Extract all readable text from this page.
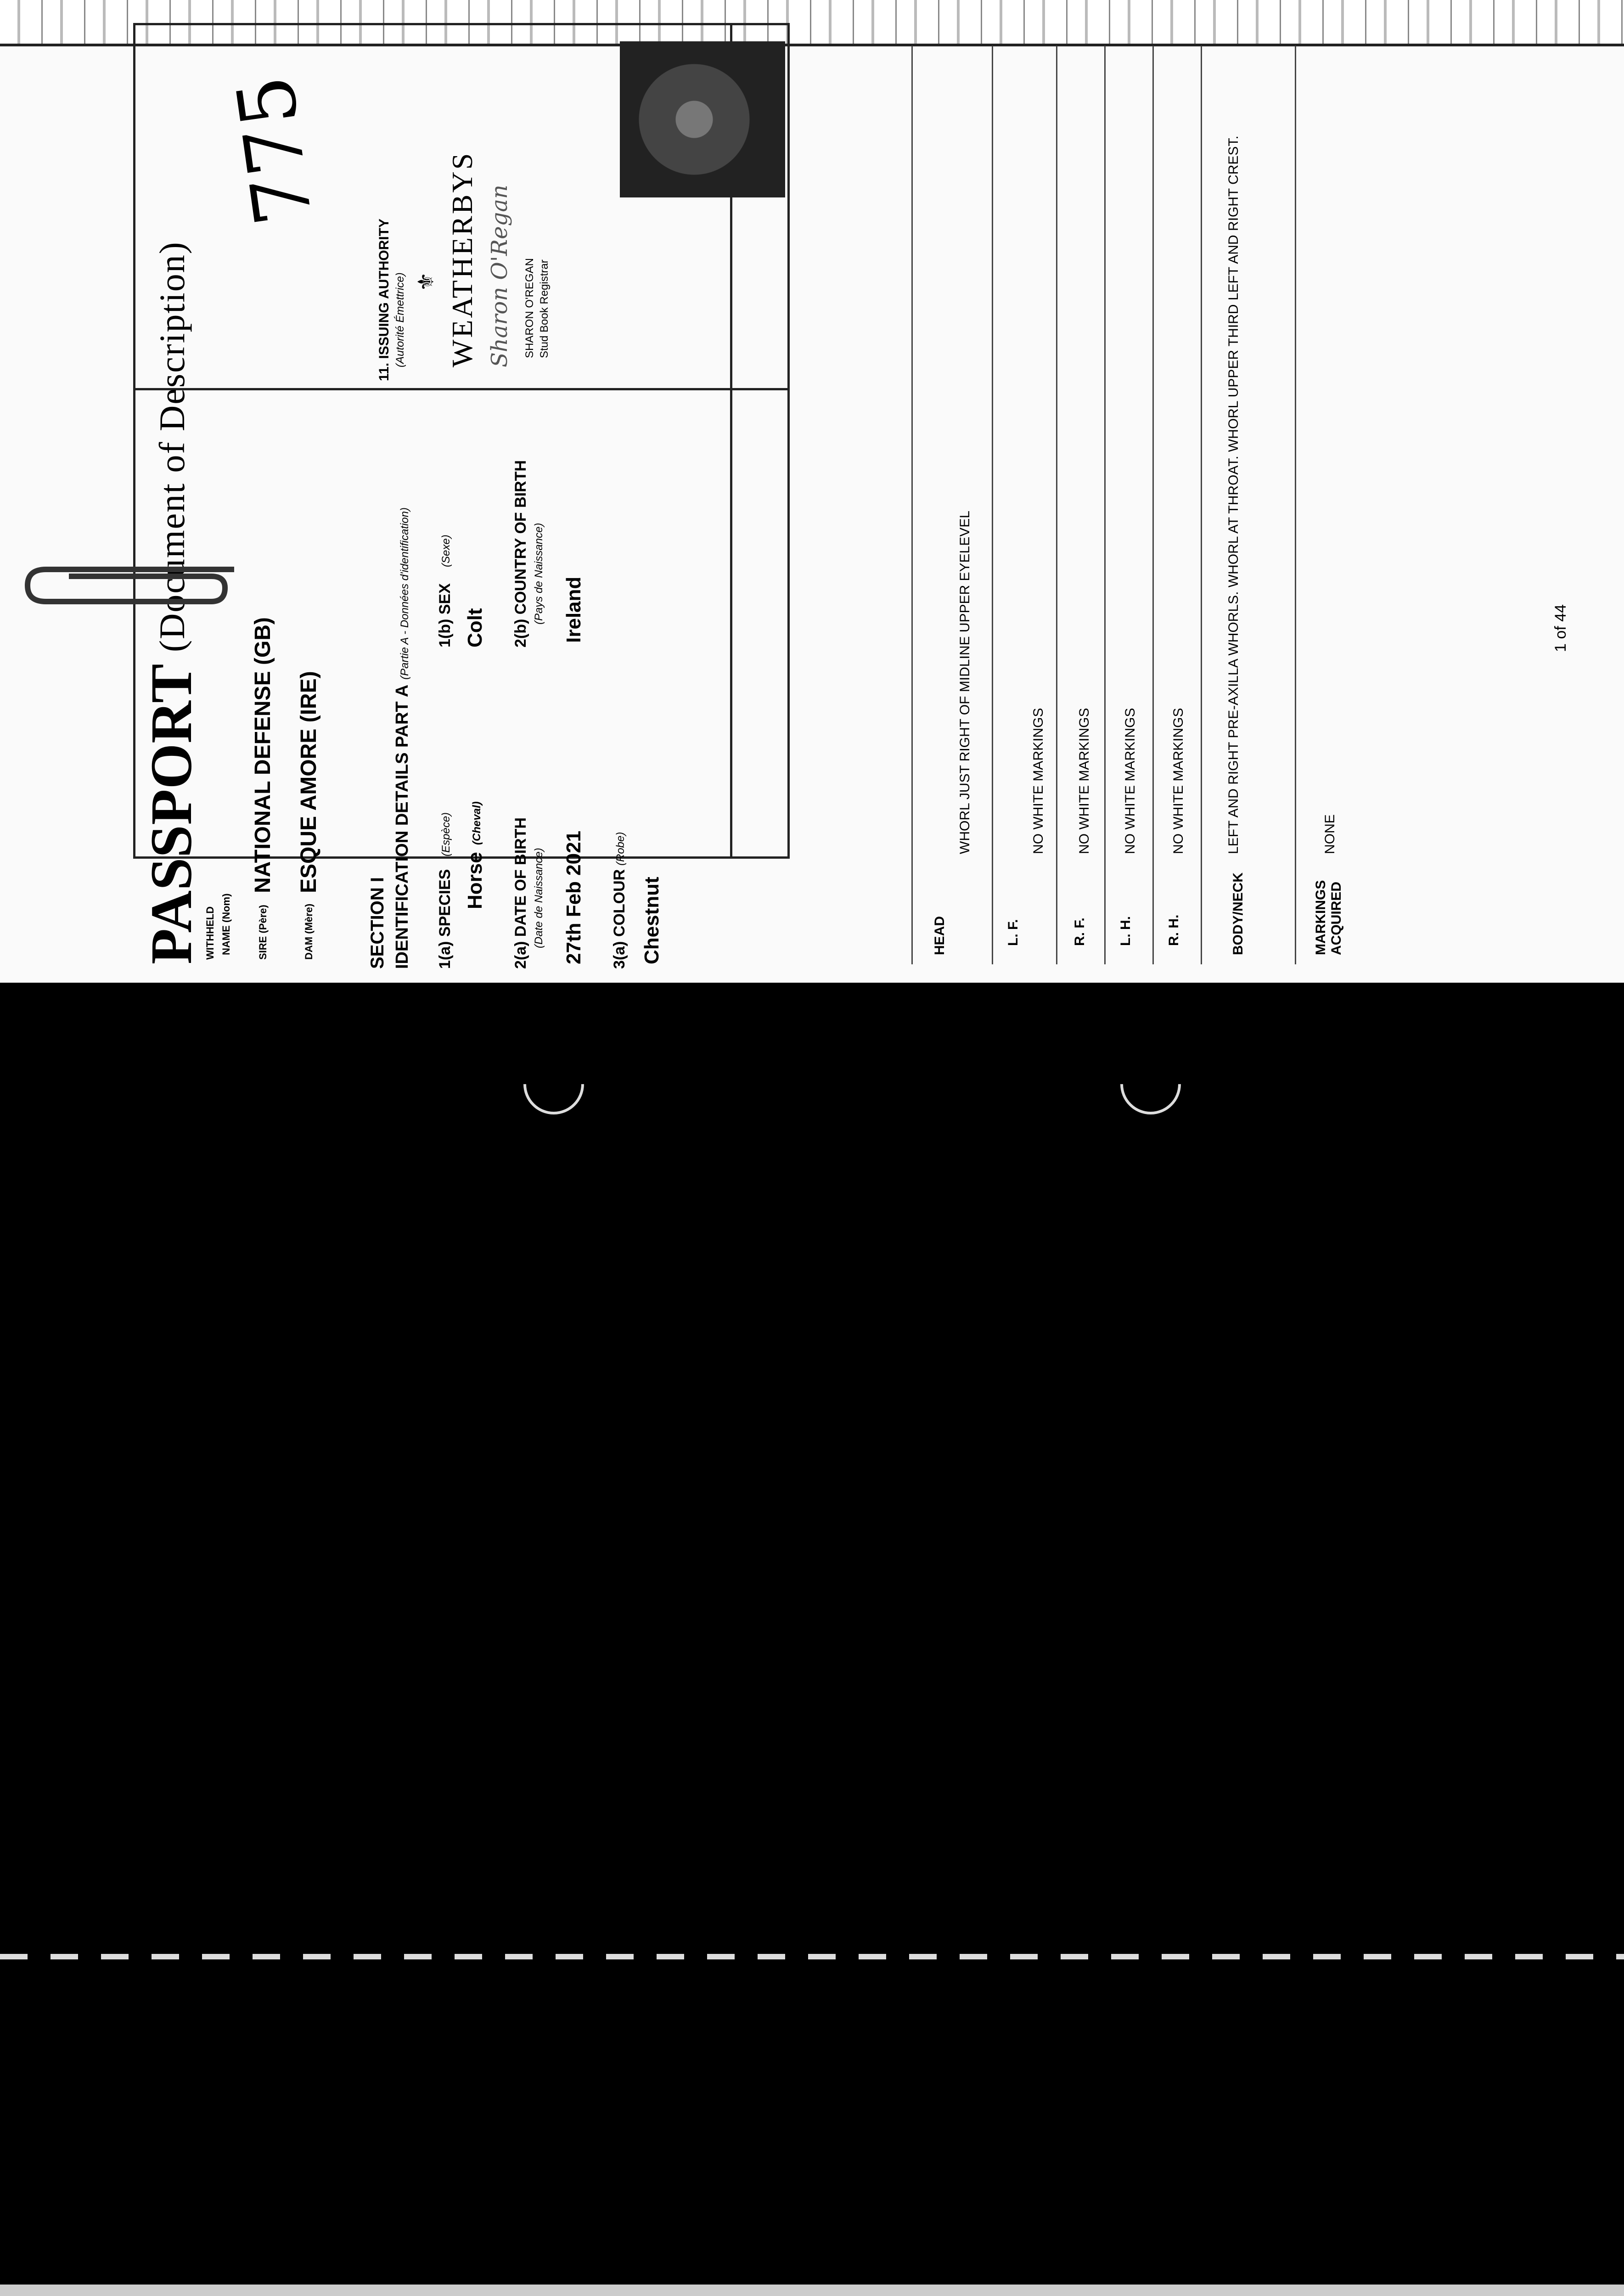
PASSPORT
(Document of Description)
775
WITHHELD NAME (Nom)	SIRE (Père)
NATIONAL DEFENSE (GB)
DAM (Mère)
ESQUE AMORE (IRE)
SECTION I IDENTIFICATION DETAILS PART A
(Partie A - Données d'identification)
1(a) SPECIES
(Espèce)
Horse
(Cheval)
1(b) SEX
(Sexe)
Colt
2(a) DATE OF BIRTH (Date de Naissance) 27th Feb 2021
2(b) COUNTRY OF BIRTH (Pays de Naissance) Ireland
3(a) COLOUR
(Robe)
Chestnut
11. ISSUING AUTHORITY (Autorité Émettrice) ⚜ WEATHERBYS Sharon O'Regan SHARON O'REGAN Stud Book Registrar
HEAD
WHORL JUST RIGHT OF MIDLINE UPPER EYELEVEL
L. F.
NO WHITE MARKINGS
R. F.
NO WHITE MARKINGS
L. H.
NO WHITE MARKINGS
R. H.
NO WHITE MARKINGS
BODY/NECK
LEFT AND RIGHT PRE-AXILLA WHORLS. WHORL AT THROAT. WHORL UPPER THIRD LEFT AND RIGHT CREST.
MARKINGS ACQUIRED
NONE
1 of 44
